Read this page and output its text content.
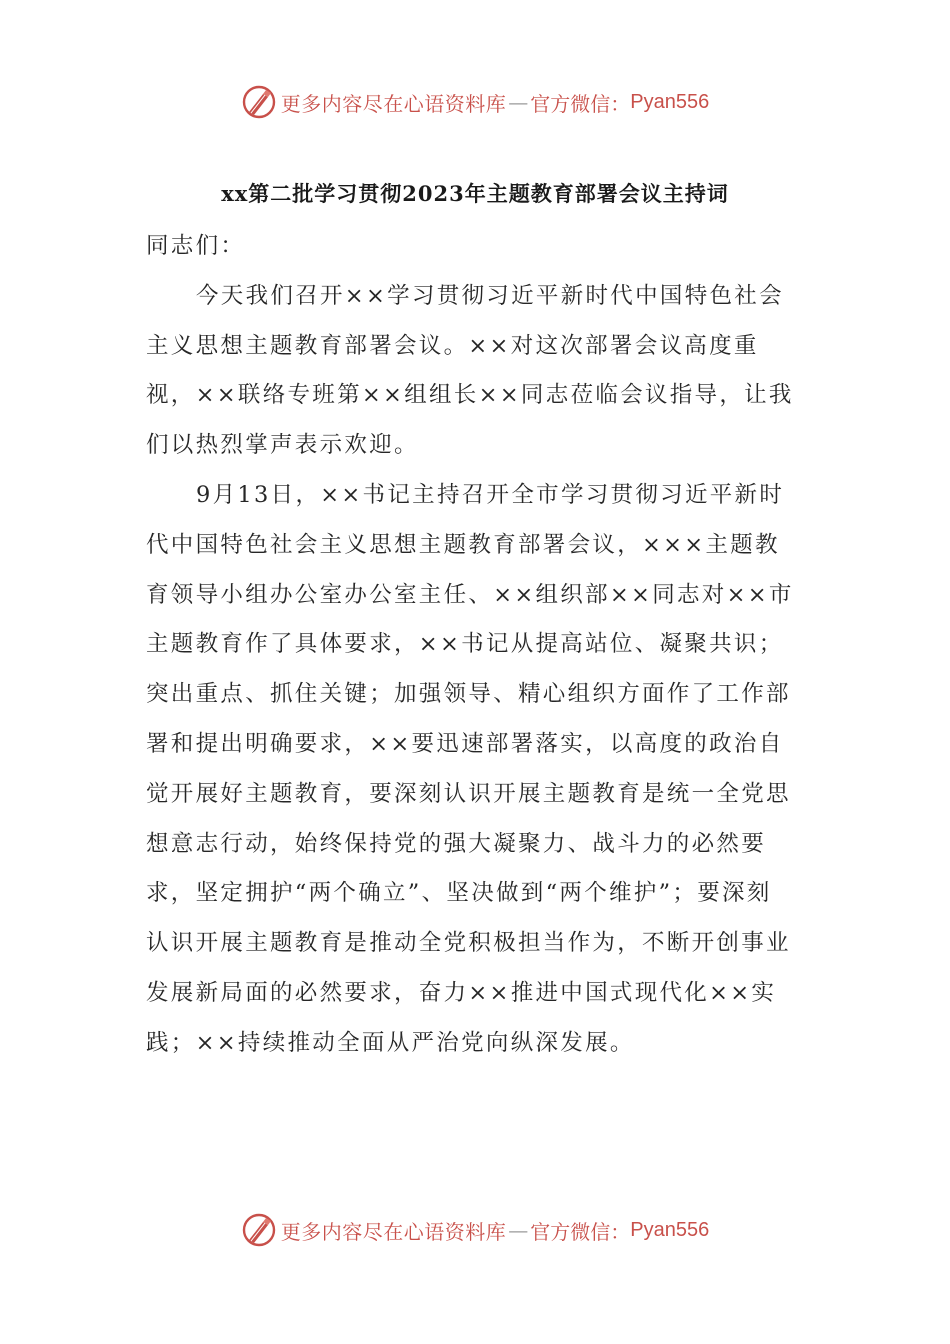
更多内容尽在心语资料库 — 官方微信： Pyan556
xx第二批学习贯彻2023年主题教育部署会议主持词

同志们：

今天我们召开××学习贯彻习近平新时代中国特色社会主义思想主题教育部署会议。××对这次部署会议高度重视，××联络专班第××组组长××同志莅临会议指导，让我们以热烈掌声表示欢迎。

9月13日，××书记主持召开全市学习贯彻习近平新时代中国特色社会主义思想主题教育部署会议，×××主题教育领导小组办公室办公室主任、××组织部××同志对××市主题教育作了具体要求，××书记从提高站位、凝聚共识；突出重点、抓住关键；加强领导、精心组织方面作了工作部署和提出明确要求，××要迅速部署落实，以高度的政治自觉开展好主题教育，要深刻认识开展主题教育是统一全党思想意志行动，始终保持党的强大凝聚力、战斗力的必然要求，坚定拥护“两个确立”、坚决做到“两个维护”；要深刻认识开展主题教育是推动全党积极担当作为，不断开创事业发展新局面的必然要求，奋力××推进中国式现代化××实践；××持续推动全面从严治党向纵深发展。

更多内容尽在心语资料库 — 官方微信： Pyan556
